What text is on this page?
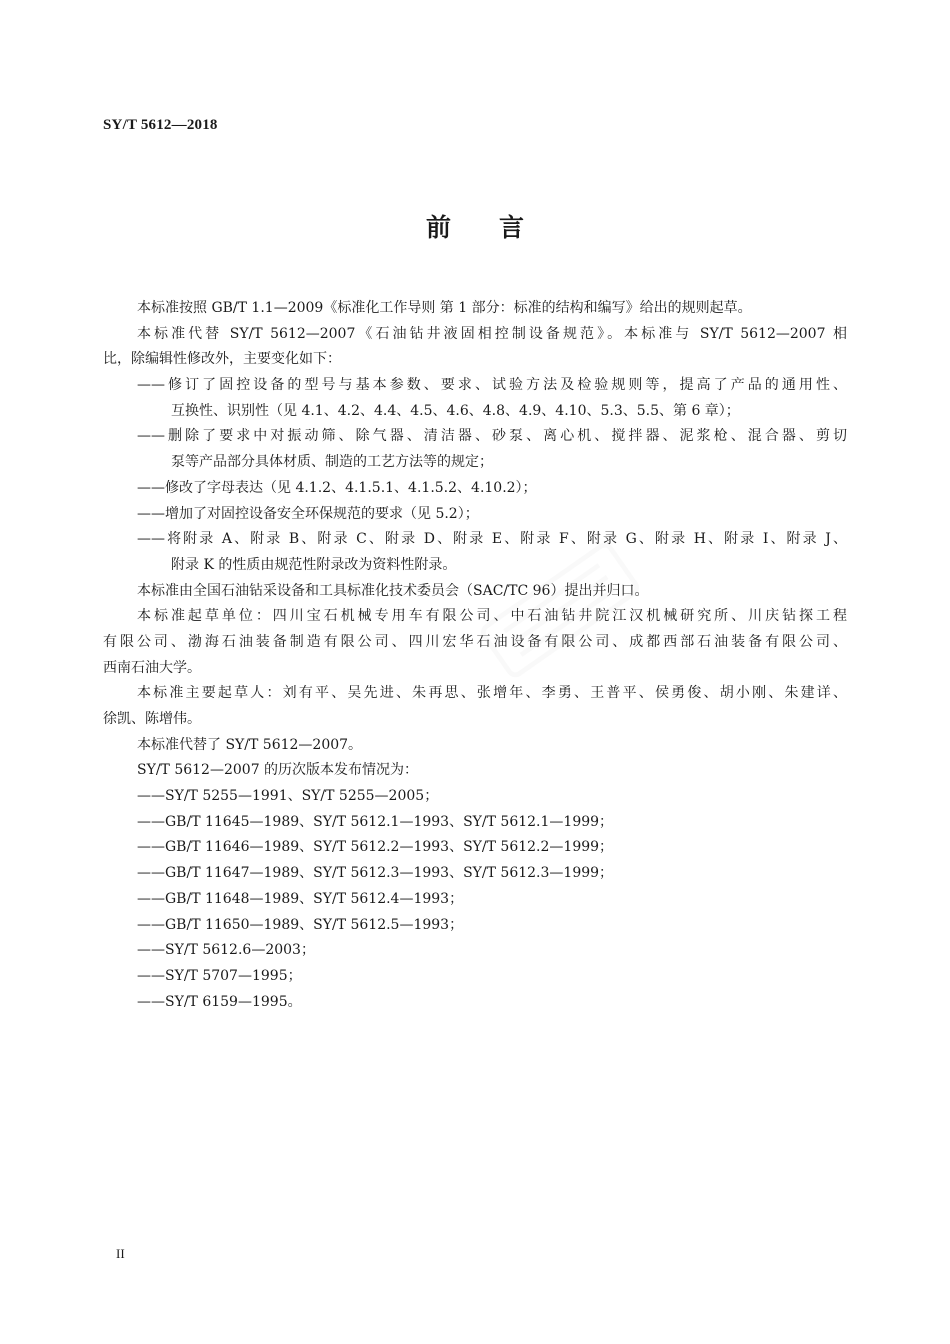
SY/T 5612—2018
前 言
本标准按照 GB/T 1.1—2009《标准化工作导则 第 1 部分：标准的结构和编写》给出的规则起草。
本标准代替 SY/T 5612—2007《石油钻井液固相控制设备规范》。本标准与 SY/T 5612—2007 相
比，除编辑性修改外，主要变化如下：
——修订了固控设备的型号与基本参数、要求、试验方法及检验规则等，提高了产品的通用性、
互换性、识别性（见 4.1、4.2、4.4、4.5、4.6、4.8、4.9、4.10、5.3、5.5、第 6 章）；
——删除了要求中对振动筛、除气器、清洁器、砂泵、离心机、搅拌器、泥浆枪、混合器、剪切
泵等产品部分具体材质、制造的工艺方法等的规定；
——修改了字母表达（见 4.1.2、4.1.5.1、4.1.5.2、4.10.2）；
——增加了对固控设备安全环保规范的要求（见 5.2）；
——将附录 A、附录 B、附录 C、附录 D、附录 E、附录 F、附录 G、附录 H、附录 I、附录 J、
附录 K 的性质由规范性附录改为资料性附录。
本标准由全国石油钻采设备和工具标准化技术委员会（SAC/TC 96）提出并归口。
本标准起草单位：四川宝石机械专用车有限公司、中石油钻井院江汉机械研究所、川庆钻探工程
有限公司、渤海石油装备制造有限公司、四川宏华石油设备有限公司、成都西部石油装备有限公司、
西南石油大学。
本标准主要起草人：刘有平、吴先进、朱再思、张增年、李勇、王普平、侯勇俊、胡小刚、朱建详、
徐凯、陈增伟。
本标准代替了 SY/T 5612—2007。
SY/T 5612—2007 的历次版本发布情况为：
——SY/T 5255—1991、SY/T 5255—2005；
——GB/T 11645—1989、SY/T 5612.1—1993、SY/T 5612.1—1999；
——GB/T 11646—1989、SY/T 5612.2—1993、SY/T 5612.2—1999；
——GB/T 11647—1989、SY/T 5612.3—1993、SY/T 5612.3—1999；
——GB/T 11648—1989、SY/T 5612.4—1993；
——GB/T 11650—1989、SY/T 5612.5—1993；
——SY/T 5612.6—2003；
——SY/T 5707—1995；
——SY/T 6159—1995。
II
